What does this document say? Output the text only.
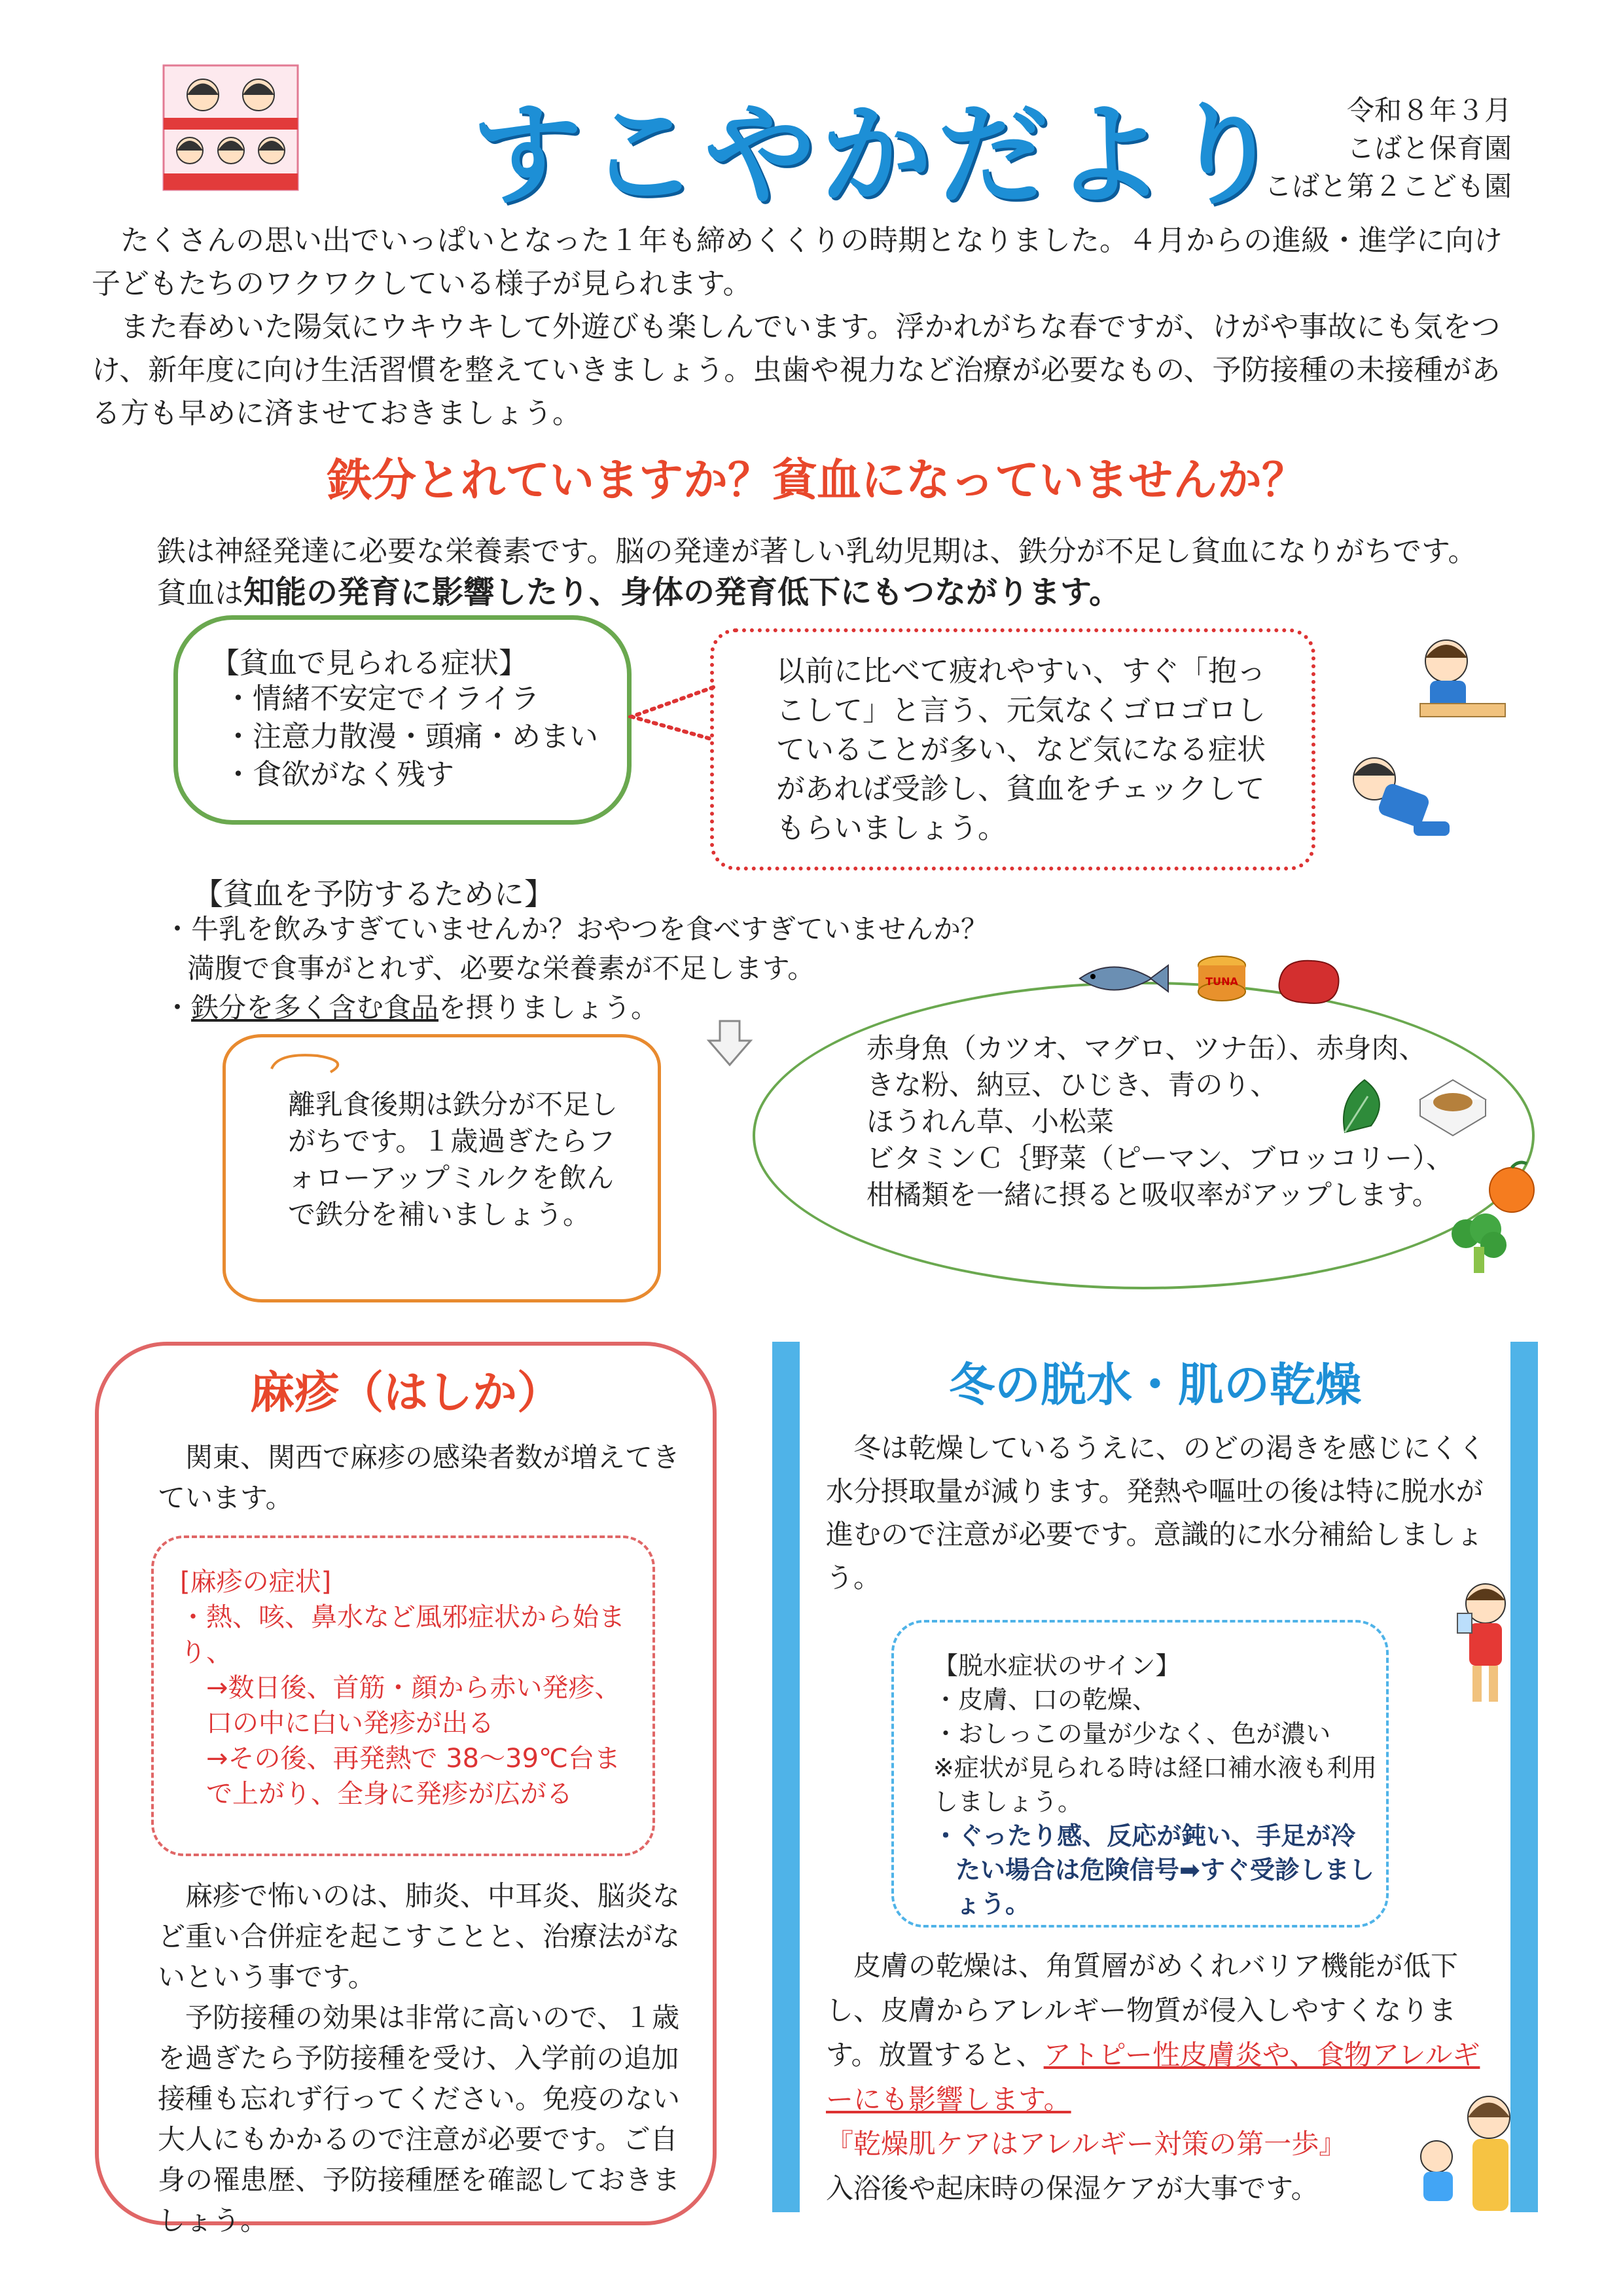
すこやかだより	令和８年３月
こばと保育園
こばと第２こども園

たくさんの思い出でいっぱいとなった１年も締めくくりの時期となりました。４月からの進級・進学に向け子どもたちのワクワクしている様子が見られます。

また春めいた陽気にウキウキして外遊びも楽しんでいます。浮かれがちな春ですが、けがや事故にも気をつけ、新年度に向け生活習慣を整えていきましょう。虫歯や視力など治療が必要なもの、予防接種の未接種がある方も早めに済ませておきましょう。

鉄分とれていますか？貧血になっていませんか？
鉄は神経発達に必要な栄養素です。脳の発達が著しい乳幼児期は、鉄分が不足し貧血になりがちです。
貧血は知能の発育に影響したり、身体の発育低下にもつながります。
【貧血で見られる症状】
・情緒不安定でイライラ
・注意力散漫・頭痛・めまい
・食欲がなく残す
以前に比べて疲れやすい、すぐ「抱っこして」と言う、元気なくゴロゴロしていることが多い、など気になる症状があれば受診し、貧血をチェックしてもらいましょう。
【貧血を予防するために】
・牛乳を飲みすぎていませんか？おやつを食べすぎていませんか？
満腹で食事がとれず、必要な栄養素が不足します。
・鉄分を多く含む食品を摂りましょう。
離乳食後期は鉄分が不足しがちです。１歳過ぎたらフォローアップミルクを飲んで鉄分を補いましょう。
赤身魚（カツオ、マグロ、ツナ缶）、赤身肉、
きな粉、納豆、ひじき、青のり、
ほうれん草、小松菜
ビタミンＣ｛野菜（ピーマン、ブロッコリー）、
柑橘類を一緒に摂ると吸収率がアップします。
TUNA
麻疹（はしか）
関東、関西で麻疹の感染者数が増えてきています。
[麻疹の症状]
・熱、咳、鼻水など風邪症状から始まり、
　→数日後、首筋・顔から赤い発疹、口の中に白い発疹が出る
　→その後、再発熱で 38〜39℃台まで上がり、全身に発疹が広がる

麻疹で怖いのは、肺炎、中耳炎、脳炎など重い合併症を起こすことと、治療法がないという事です。

予防接種の効果は非常に高いので、１歳を過ぎたら予防接種を受け、入学前の追加接種も忘れず行ってください。免疫のない大人にもかかるので注意が必要です。ご自身の罹患歴、予防接種歴を確認しておきましょう。

冬の脱水・肌の乾燥
冬は乾燥しているうえに、のどの渇きを感じにくく水分摂取量が減ります。発熱や嘔吐の後は特に脱水が進むので注意が必要です。意識的に水分補給しましょう。
【脱水症状のサイン】
・皮膚、口の乾燥、
・おしっこの量が少なく、色が濃い
※症状が見られる時は経口補水液も利用しましょう。
・ぐったり感、反応が鈍い、手足が冷たい場合は危険信号➡すぐ受診しましょう。

皮膚の乾燥は、角質層がめくれバリア機能が低下し、皮膚からアレルギー物質が侵入しやすくなります。放置すると、アトピー性皮膚炎や、食物アレルギーにも影響します。

『乾燥肌ケアはアレルギー対策の第一歩』

入浴後や起床時の保湿ケアが大事です。
